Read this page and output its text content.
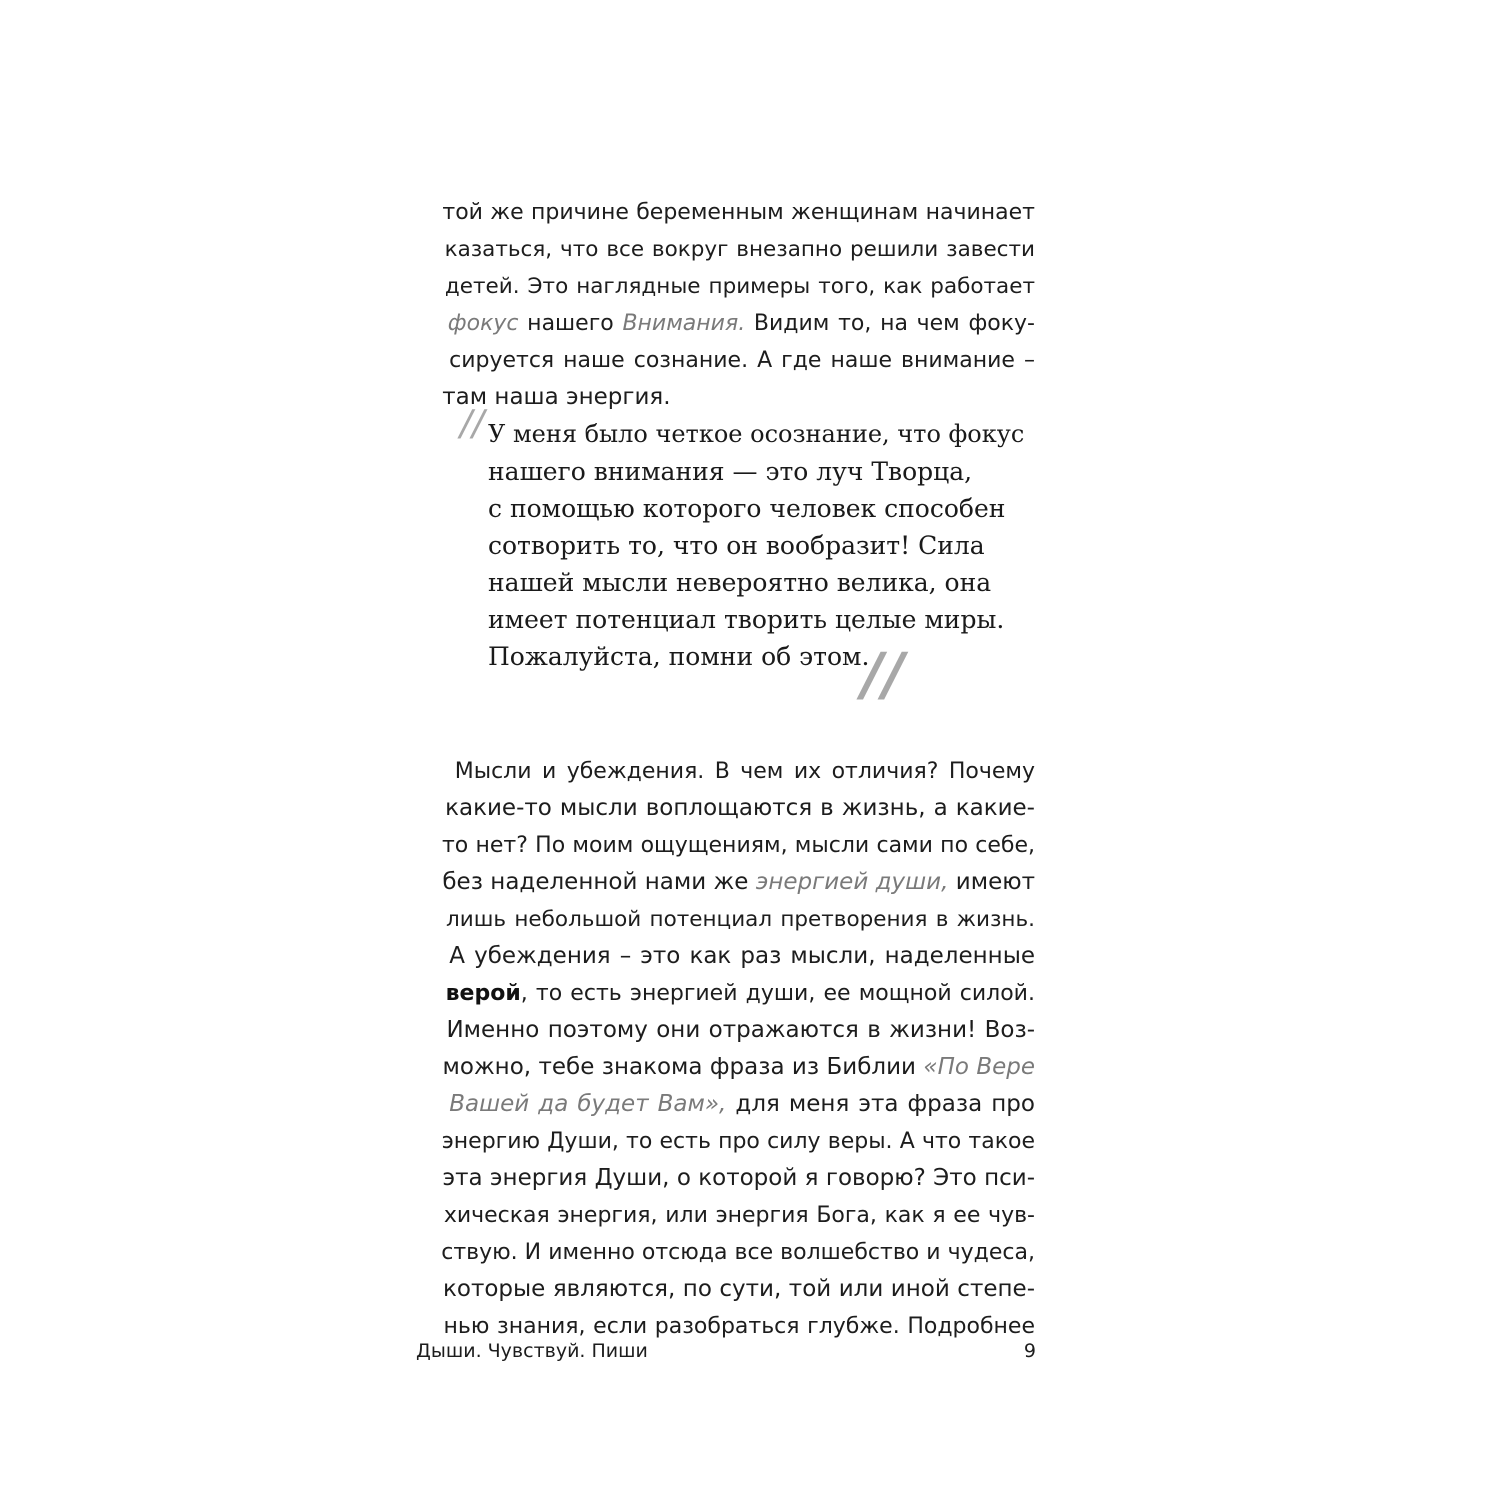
той же причине беременным женщинам начинает

казаться, что все вокруг внезапно решили завести

детей. Это наглядные примеры того, как работает

фокус нашего Внимания. Видим то, на чем фоку-

сируется наше сознание. А где наше внимание –

там наша энергия.

// У меня было четкое осознание, что фокус
нашего внимания — это луч Творца,
с помощью которого человек способен
сотворить то, что он вообразит! Сила
нашей мысли невероятно велика, она
имеет потенциал творить целые миры.
Пожалуйста, помни об этом.
//

Мысли и убеждения. В чем их отличия? Почему

какие-то мысли воплощаются в жизнь, а какие-

то нет? По моим ощущениям, мысли сами по себе,

без наделенной нами же энергией души, имеют

лишь небольшой потенциал претворения в жизнь.

А убеждения – это как раз мысли, наделенные

верой, то есть энергией души, ее мощной силой.

Именно поэтому они отражаются в жизни! Воз-

можно, тебе знакома фраза из Библии «По Вере

Вашей да будет Вам», для меня эта фраза про

энергию Души, то есть про силу веры. А что такое

эта энергия Души, о которой я говорю? Это пси-

хическая энергия, или энергия Бога, как я ее чув-

ствую. И именно отсюда все волшебство и чудеса,

которые являются, по сути, той или иной степе-

нью знания, если разобраться глубже. Подробнее

Дыши. Чувствуй. Пиши	9
